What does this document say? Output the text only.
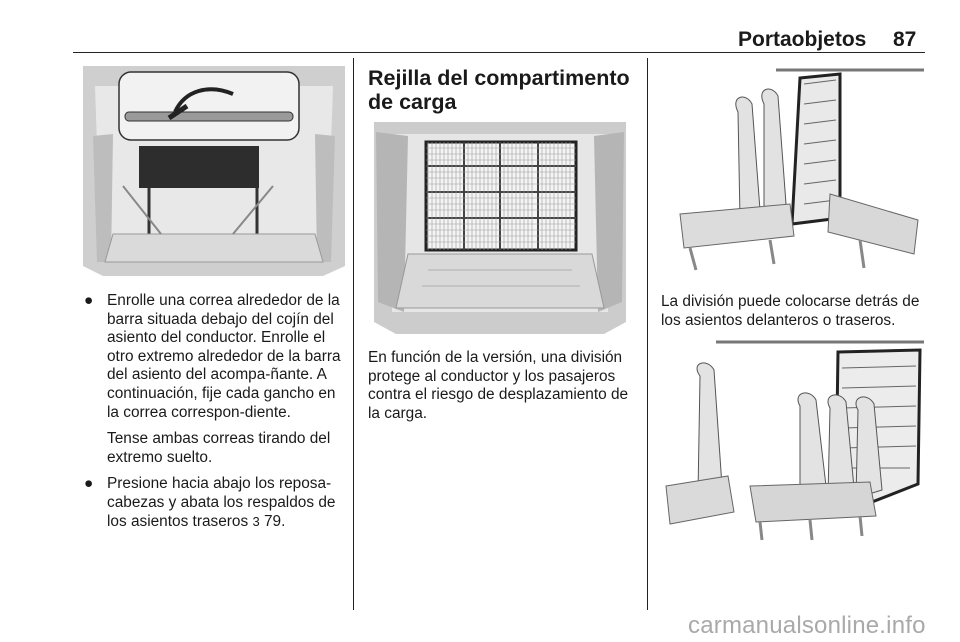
Portaobjetos 87
● Enrolle una correa alrededor de la barra situada debajo del cojín del asiento del conductor. Enrolle el otro extremo alrededor de la barra del asiento del acompa-ñante. A continuación, fije cada gancho en la correa correspon-diente.
Tense ambas correas tirando del extremo suelto.
● Presione hacia abajo los reposa-cabezas y abata los respaldos de los asientos traseros 3 79.
Rejilla del compartimento de carga
En función de la versión, una división protege al conductor y los pasajeros contra el riesgo de desplazamiento de la carga.
La división puede colocarse detrás de los asientos delanteros o traseros.
carmanualsonline.info
